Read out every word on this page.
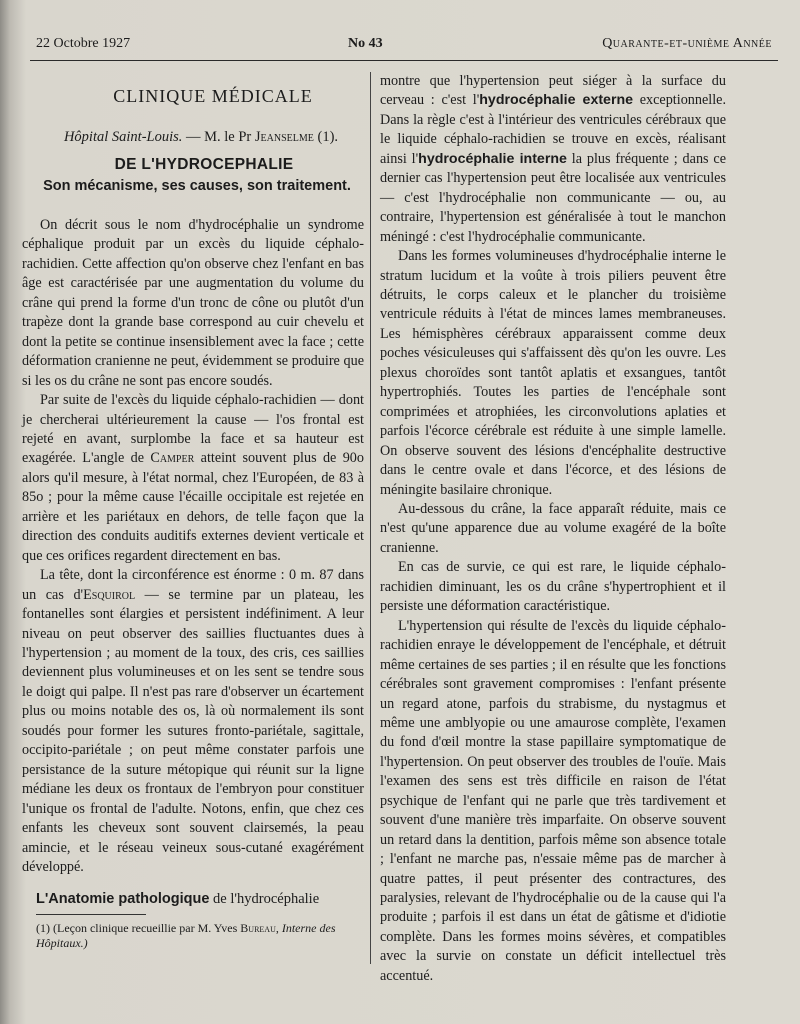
22 Octobre 1927	No 43	Quarante-et-unième Année
CLINIQUE MÉDICALE
Hôpital Saint-Louis. — M. le Pr Jeanselme (1).
DE L'HYDROCEPHALIE
Son mécanisme, ses causes, son traitement.

On décrit sous le nom d'hydrocéphalie un syndrome céphalique produit par un excès du liquide céphalo-rachidien. Cette affection qu'on observe chez l'enfant en bas âge est caractérisée par une augmentation du volume du crâne qui prend la forme d'un tronc de cône ou plutôt d'un trapèze dont la grande base correspond au cuir chevelu et dont la petite se continue insensiblement avec la face ; cette déformation cranienne ne peut, évidemment se produire que si les os du crâne ne sont pas encore soudés.

Par suite de l'excès du liquide céphalo-rachidien — dont je chercherai ultérieurement la cause — l'os frontal est rejeté en avant, surplombe la face et sa hauteur est exagérée. L'angle de Camper atteint souvent plus de 90o alors qu'il mesure, à l'état normal, chez l'Européen, de 83 à 85o ; pour la même cause l'écaille occipitale est rejetée en arrière et les pariétaux en dehors, de telle façon que la direction des conduits auditifs externes devient verticale et que ces orifices regardent directement en bas.

La tête, dont la circonférence est énorme : 0 m. 87 dans un cas d'Esquirol — se termine par un plateau, les fontanelles sont élargies et persistent indéfiniment. A leur niveau on peut observer des saillies fluctuantes dues à l'hypertension ; au moment de la toux, des cris, ces saillies deviennent plus volumineuses et on les sent se tendre sous le doigt qui palpe. Il n'est pas rare d'observer un écartement plus ou moins notable des os, là où normalement ils sont soudés pour former les sutures fronto-pariétale, sagittale, occipito-pariétale ; on peut même constater parfois une persistance de la suture métopique qui réunit sur la ligne médiane les deux os frontaux de l'embryon pour constituer l'unique os frontal de l'adulte. Notons, enfin, que chez ces enfants les cheveux sont souvent clairsemés, la peau amincie, et le réseau veineux sous-cutané exagérément développé.

L'Anatomie pathologique de l'hydrocéphalie

(1) (Leçon clinique recueillie par M. Yves Bureau, Interne des Hôpitaux.)

montre que l'hypertension peut siéger à la surface du cerveau : c'est l'hydrocéphalie externe exceptionnelle. Dans la règle c'est à l'intérieur des ventricules cérébraux que le liquide céphalo-rachidien se trouve en excès, réalisant ainsi l'hydrocéphalie interne la plus fréquente ; dans ce dernier cas l'hypertension peut être localisée aux ventricules — c'est l'hydrocéphalie non communicante — ou, au contraire, l'hypertension est généralisée à tout le manchon méningé : c'est l'hydrocéphalie communicante.

Dans les formes volumineuses d'hydrocéphalie interne le stratum lucidum et la voûte à trois piliers peuvent être détruits, le corps caleux et le plancher du troisième ventricule réduits à l'état de minces lames membraneuses. Les hémisphères cérébraux apparaissent comme deux poches vésiculeuses qui s'affaissent dès qu'on les ouvre. Les plexus choroïdes sont tantôt aplatis et exsangues, tantôt hypertrophiés. Toutes les parties de l'encéphale sont comprimées et atrophiées, les circonvolutions aplaties et parfois l'écorce cérébrale est réduite à une simple lamelle. On observe souvent des lésions d'encéphalite destructive dans le centre ovale et dans l'écorce, et des lésions de méningite basilaire chronique.

Au-dessous du crâne, la face apparaît réduite, mais ce n'est qu'une apparence due au volume exagéré de la boîte cranienne.

En cas de survie, ce qui est rare, le liquide céphalo-rachidien diminuant, les os du crâne s'hypertrophient et il persiste une déformation caractéristique.

L'hypertension qui résulte de l'excès du liquide céphalo-rachidien enraye le développement de l'encéphale, et détruit même certaines de ses parties ; il en résulte que les fonctions cérébrales sont gravement compromises : l'enfant présente un regard atone, parfois du strabisme, du nystagmus et même une amblyopie ou une amaurose complète, l'examen du fond d'œil montre la stase papillaire symptomatique de l'hypertension. On peut observer des troubles de l'ouïe. Mais l'examen des sens est très difficile en raison de l'état psychique de l'enfant qui ne parle que très tardivement et souvent d'une manière très imparfaite. On observe souvent un retard dans la dentition, parfois même son absence totale ; l'enfant ne marche pas, n'essaie même pas de marcher à quatre pattes, il peut présenter des contractures, des paralysies, relevant de l'hydrocéphalie ou de la cause qui l'a produite ; parfois il est dans un état de gâtisme et d'idiotie complète. Dans les formes moins sévères, et compatibles avec la survie on constate un déficit intellectuel très accentué.
